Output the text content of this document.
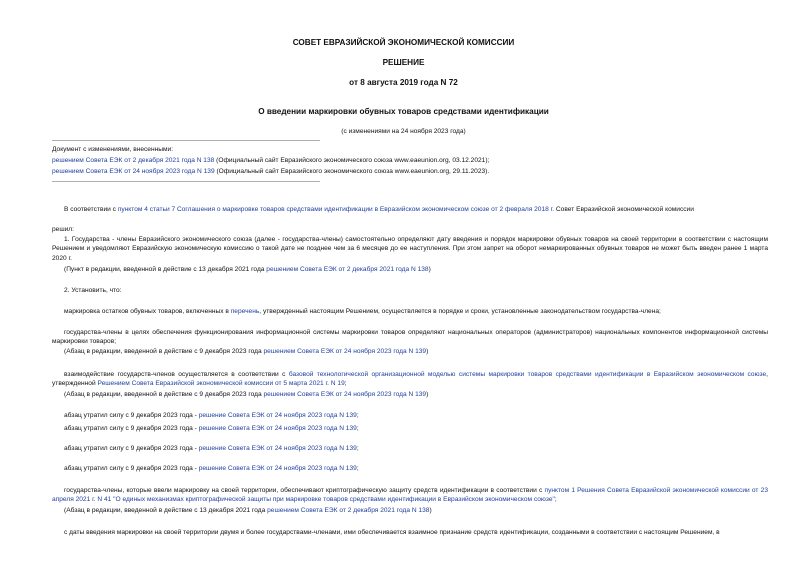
СОВЕТ ЕВРАЗИЙСКОЙ ЭКОНОМИЧЕСКОЙ КОМИССИИ
РЕШЕНИЕ
от 8 августа 2019 года N 72
О введении маркировки обувных товаров средствами идентификации
(с изменениями на 24 ноября 2023 года)
Документ с изменениями, внесенными:
решением Совета ЕЭК от 2 декабря 2021 года N 138 (Официальный сайт Евразийского экономического союза www.eaeunion.org, 03.12.2021);
решением Совета ЕЭК от 24 ноября 2023 года N 139 (Официальный сайт Евразийского экономического союза www.eaeunion.org, 29.11.2023).
В соответствии с пунктом 4 статьи 7 Соглашения о маркировке товаров средствами идентификации в Евразийском экономическом союзе от 2 февраля 2018 г. Совет Евразийской экономической комиссии
решил:
1. Государства - члены Евразийского экономического союза (далее - государства-члены) самостоятельно определяют дату введения и порядок маркировки обувных товаров на своей территории в соответствии с настоящим Решением и уведомляют Евразийскую экономическую комиссию о такой дате не позднее чем за 6 месяцев до ее наступления. При этом запрет на оборот немаркированных обувных товаров не может быть введен ранее 1 марта 2020 г.
(Пункт в редакции, введенной в действие с 13 декабря 2021 года решением Совета ЕЭК от 2 декабря 2021 года N 138)
2. Установить, что:
маркировка остатков обувных товаров, включенных в перечень, утвержденный настоящим Решением, осуществляется в порядке и сроки, установленные законодательством государства-члена;
государства-члены в целях обеспечения функционирования информационной системы маркировки товаров определяют национальных операторов (администраторов) национальных компонентов информационной системы маркировки товаров;
(Абзац в редакции, введенной в действие с 9 декабря 2023 года решением Совета ЕЭК от 24 ноября 2023 года N 139)
взаимодействие государств-членов осуществляется в соответствии с базовой технологической организационной моделью системы маркировки товаров средствами идентификации в Евразийском экономическом союзе, утвержденной Решением Совета Евразийской экономической комиссии от 5 марта 2021 г. N 19;
(Абзац в редакции, введенной в действие с 9 декабря 2023 года решением Совета ЕЭК от 24 ноября 2023 года N 139)
абзац утратил силу с 9 декабря 2023 года - решение Совета ЕЭК от 24 ноября 2023 года N 139;
абзац утратил силу с 9 декабря 2023 года - решение Совета ЕЭК от 24 ноября 2023 года N 139;
абзац утратил силу с 9 декабря 2023 года - решение Совета ЕЭК от 24 ноября 2023 года N 139;
абзац утратил силу с 9 декабря 2023 года - решение Совета ЕЭК от 24 ноября 2023 года N 139;
государства-члены, которые ввели маркировку на своей территории, обеспечивают криптографическую защиту средств идентификации в соответствии с пунктом 1 Решения Совета Евразийской экономической комиссии от 23 апреля 2021 г. N 41 "О единых механизмах криптографической защиты при маркировке товаров средствами идентификации в Евразийском экономическом союзе";
(Абзац в редакции, введенной в действие с 13 декабря 2021 года решением Совета ЕЭК от 2 декабря 2021 года N 138)
с даты введения маркировки на своей территории двумя и более государствами-членами, ими обеспечивается взаимное признание средств идентификации, созданными в соответствии с настоящим Решением, в
